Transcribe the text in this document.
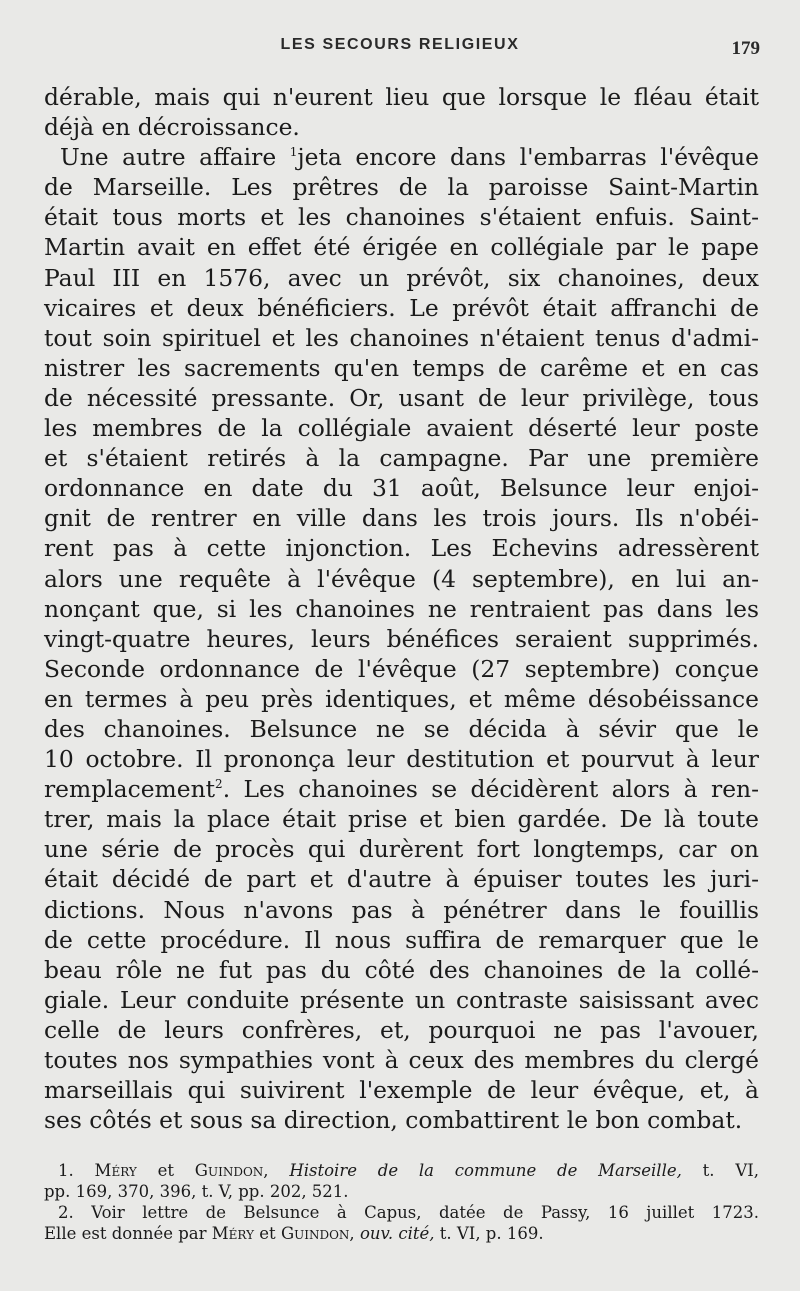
LES SECOURS RELIGIEUX	179
dérable, mais qui n'eurent lieu que lorsque le fléau était
déjà en décroissance.
Une autre affaire $^1$jeta encore dans l'embarras l'évêque
de Marseille. Les prêtres de la paroisse Saint-Martin
était tous morts et les chanoines s'étaient enfuis. Saint-
Martin avait en effet été érigée en collégiale par le pape
Paul III en 1576, avec un prévôt, six chanoines, deux
vicaires et deux bénéficiers. Le prévôt était affranchi de
tout soin spirituel et les chanoines n'étaient tenus d'admi-
nistrer les sacrements qu'en temps de carême et en cas
de nécessité pressante. Or, usant de leur privilège, tous
les membres de la collégiale avaient déserté leur poste
et s'étaient retirés à la campagne. Par une première
ordonnance en date du 31 août, Belsunce leur enjoi-
gnit de rentrer en ville dans les trois jours. Ils n'obéi-
rent pas à cette injonction. Les Echevins adressèrent
alors une requête à l'évêque (4 septembre), en lui an-
nonçant que, si les chanoines ne rentraient pas dans les
vingt-quatre heures, leurs bénéfices seraient supprimés.
Seconde ordonnance de l'évêque (27 septembre) conçue
en termes à peu près identiques, et même désobéissance
des chanoines. Belsunce ne se décida à sévir que le
10 octobre. Il prononça leur destitution et pourvut à leur
remplacement$^2$. Les chanoines se décidèrent alors à ren-
trer, mais la place était prise et bien gardée. De là toute
une série de procès qui durèrent fort longtemps, car on
était décidé de part et d'autre à épuiser toutes les juri-
dictions. Nous n'avons pas à pénétrer dans le fouillis
de cette procédure. Il nous suffira de remarquer que le
beau rôle ne fut pas du côté des chanoines de la collé-
giale. Leur conduite présente un contraste saisissant avec
celle de leurs confrères, et, pourquoi ne pas l'avouer,
toutes nos sympathies vont à ceux des membres du clergé
marseillais qui suivirent l'exemple de leur évêque, et, à
ses côtés et sous sa direction, combattirent le bon combat.
1. Méry et Guindon, Histoire de la commune de Marseille, t. VI,
pp. 169, 370, 396, t. V, pp. 202, 521.
2. Voir lettre de Belsunce à Capus, datée de Passy, 16 juillet 1723.
Elle est donnée par Méry et Guindon, ouv. cité, t. VI, p. 169.
